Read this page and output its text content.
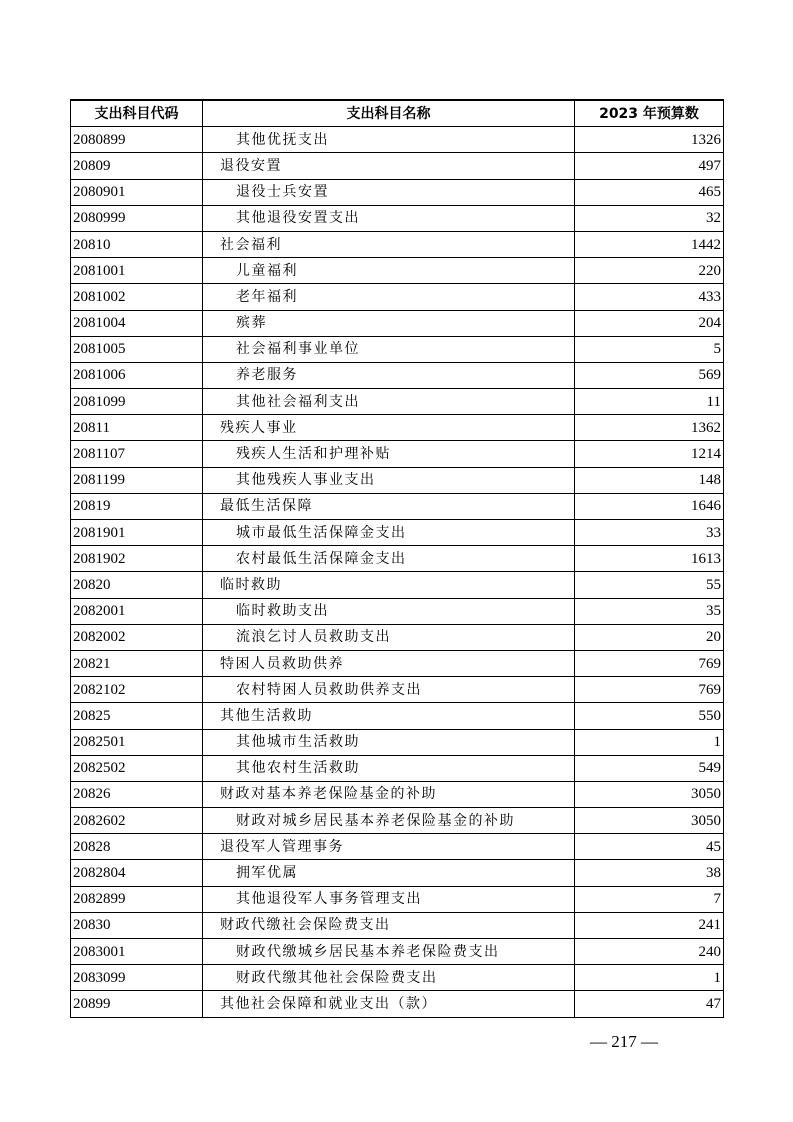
支出科目代码	支出科目名称	2023 年预算数
2080899	其他优抚支出	1326
20809	退役安置	497
2080901	退役士兵安置	465
2080999	其他退役安置支出	32
20810	社会福利	1442
2081001	儿童福利	220
2081002	老年福利	433
2081004	殡葬	204
2081005	社会福利事业单位	5
2081006	养老服务	569
2081099	其他社会福利支出	11
20811	残疾人事业	1362
2081107	残疾人生活和护理补贴	1214
2081199	其他残疾人事业支出	148
20819	最低生活保障	1646
2081901	城市最低生活保障金支出	33
2081902	农村最低生活保障金支出	1613
20820	临时救助	55
2082001	临时救助支出	35
2082002	流浪乞讨人员救助支出	20
20821	特困人员救助供养	769
2082102	农村特困人员救助供养支出	769
20825	其他生活救助	550
2082501	其他城市生活救助	1
2082502	其他农村生活救助	549
20826	财政对基本养老保险基金的补助	3050
2082602	财政对城乡居民基本养老保险基金的补助	3050
20828	退役军人管理事务	45
2082804	拥军优属	38
2082899	其他退役军人事务管理支出	7
20830	财政代缴社会保险费支出	241
2083001	财政代缴城乡居民基本养老保险费支出	240
2083099	财政代缴其他社会保险费支出	1
20899	其他社会保障和就业支出（款）	47
— 217 —
